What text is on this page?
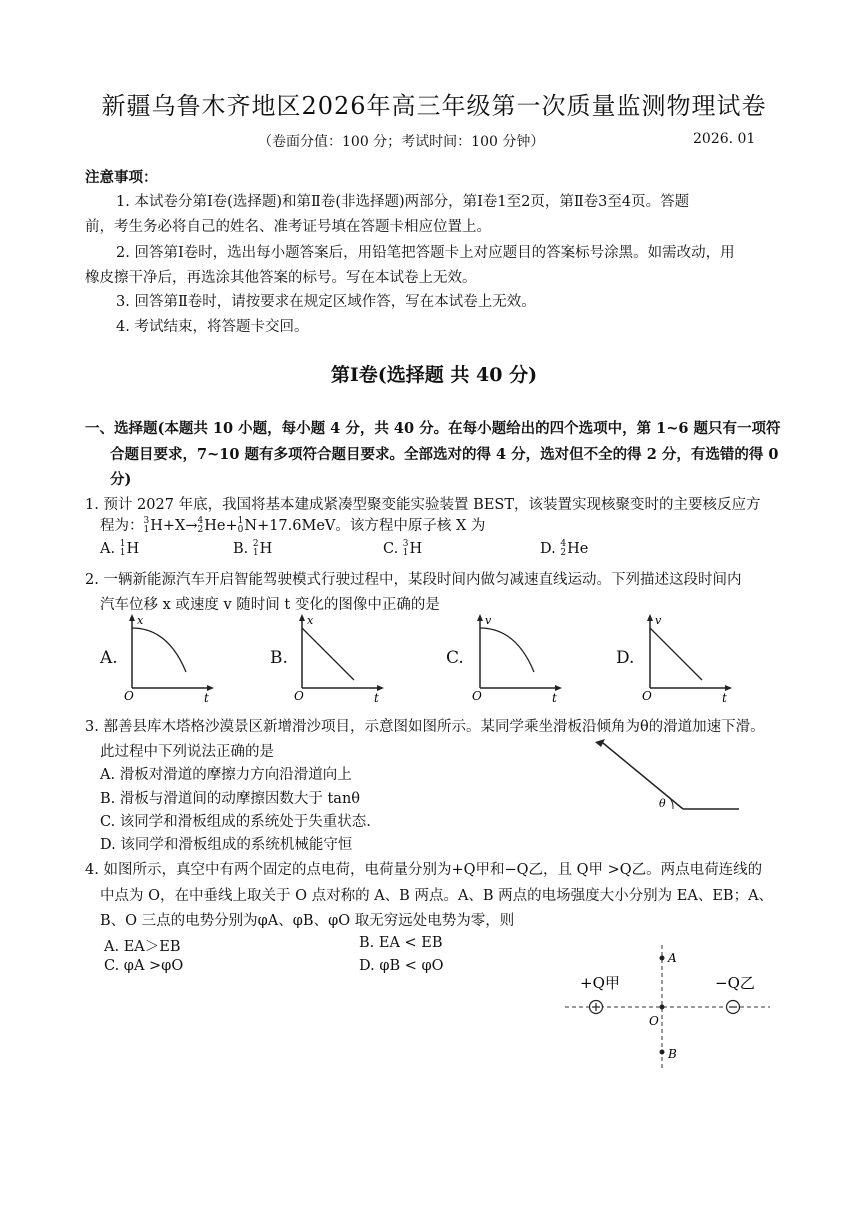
新疆乌鲁木齐地区2026年高三年级第一次质量监测物理试卷
（卷面分值：100 分；考试时间：100 分钟）	2026. 01
注意事项：
1. 本试卷分第Ⅰ卷(选择题)和第Ⅱ卷(非选择题)两部分，第Ⅰ卷1至2页，第Ⅱ卷3至4页。答题
前，考生务必将自己的姓名、准考证号填在答题卡相应位置上。
2. 回答第Ⅰ卷时，选出每小题答案后，用铅笔把答题卡上对应题目的答案标号涂黑。如需改动，用
橡皮擦干净后，再选涂其他答案的标号。写在本试卷上无效。
3. 回答第Ⅱ卷时，请按要求在规定区域作答，写在本试卷上无效。
4. 考试结束，将答题卡交回。
第Ⅰ卷(选择题 共 40 分)
一、选择题(本题共 10 小题，每小题 4 分，共 40 分。在每小题给出的四个选项中，第 1~6 题只有一项符
合题目要求，7~10 题有多项符合题目要求。全部选对的得 4 分，选对但不全的得 2 分，有选错的得 0
分)
1. 预计 2027 年底，我国将基本建成紧凑型聚变能实验装置 BEST，该装置实现核聚变时的主要核反应方
程为： 3
1 H+X→ 4
2 He+ 1
0 N+17.6MeV。该方程中原子核 X 为
A. 1
1 H	B. 2
1 H	C. 3
1 H	D. 4
2 He
2. 一辆新能源汽车开启智能驾驶模式行驶过程中，某段时间内做匀减速直线运动。下列描述这段时间内
汽车位移 x 或速度 v 随时间 t 变化的图像中正确的是
A.
x
O	t
B.
x
O	t
C.
v
O	t
D.
v
O	t
3. 鄯善县库木塔格沙漠景区新增滑沙项目，示意图如图所示。某同学乘坐滑板沿倾角为θ的滑道加速下滑。
此过程中下列说法正确的是
A. 滑板对滑道的摩擦力方向沿滑道向上
B. 滑板与滑道间的动摩擦因数大于 tanθ
C. 该同学和滑板组成的系统处于失重状态.
D. 该同学和滑板组成的系统机械能守恒
θ
4. 如图所示，真空中有两个固定的点电荷，电荷量分别为+Q甲和−Q乙，且 Q甲 >Q乙。两点电荷连线的
中点为 O，在中垂线上取关于 O 点对称的 A、B 两点。A、B 两点的电场强度大小分别为 EA、EB；A、
B、O 三点的电势分别为φA、φB、φO 取无穷远处电势为零，则
A. EA＞EB	B. EA < EB
C. φA >φO	D. φB < φO
+Q甲	−Q乙
A
O
B
